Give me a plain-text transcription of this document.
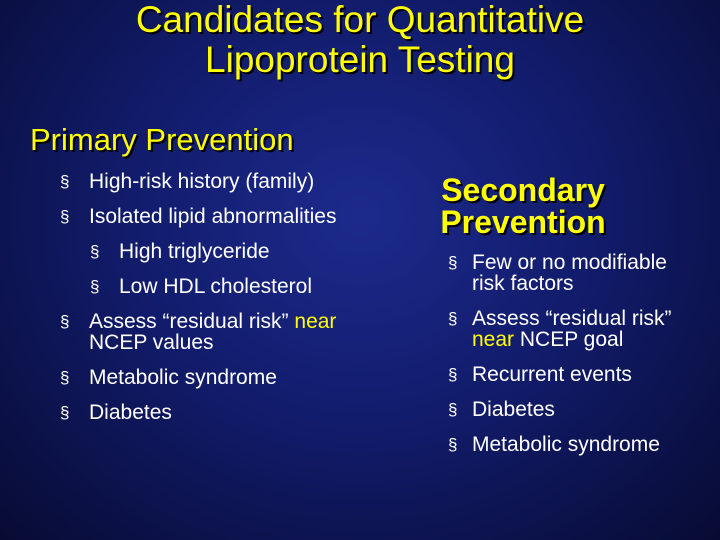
Candidates for Quantitative
Lipoprotein Testing
Primary Prevention
§ High-risk history (family)
§ Isolated lipid abnormalities
§ High triglyceride
§ Low HDL cholesterol
§ Assess “residual risk” near
NCEP values
§ Metabolic syndrome
§ Diabetes
Secondary
Prevention
§ Few or no modifiable risk factors
§ Assess “residual risk” near NCEP goal
§ Recurrent events
§ Diabetes
§ Metabolic syndrome
